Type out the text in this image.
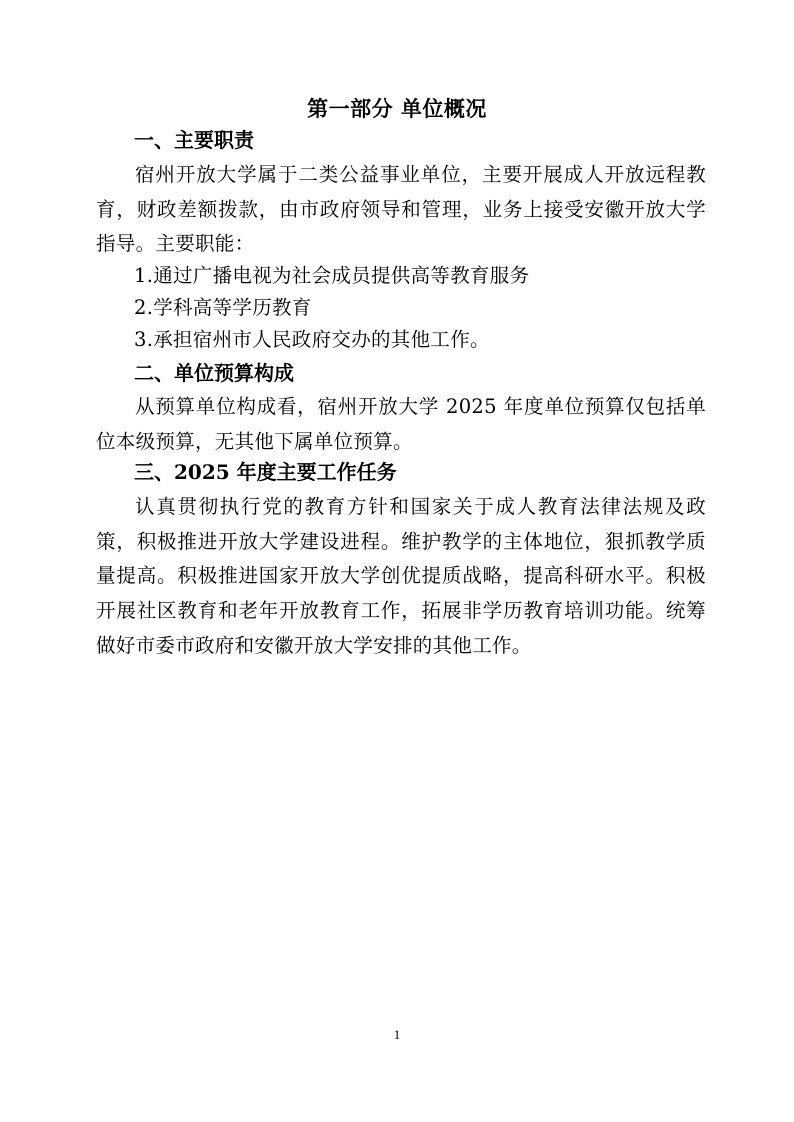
第一部分 单位概况
一、主要职责
宿州开放大学属于二类公益事业单位，主要开展成人开放远程教育，财政差额拨款，由市政府领导和管理，业务上接受安徽开放大学指导。主要职能：
1.通过广播电视为社会成员提供高等教育服务
2.学科高等学历教育
3.承担宿州市人民政府交办的其他工作。
二、单位预算构成
从预算单位构成看，宿州开放大学 2025 年度单位预算仅包括单位本级预算，无其他下属单位预算。
三、2025 年度主要工作任务
认真贯彻执行党的教育方针和国家关于成人教育法律法规及政策，积极推进开放大学建设进程。维护教学的主体地位，狠抓教学质量提高。积极推进国家开放大学创优提质战略，提高科研水平。积极开展社区教育和老年开放教育工作，拓展非学历教育培训功能。统筹做好市委市政府和安徽开放大学安排的其他工作。
1
